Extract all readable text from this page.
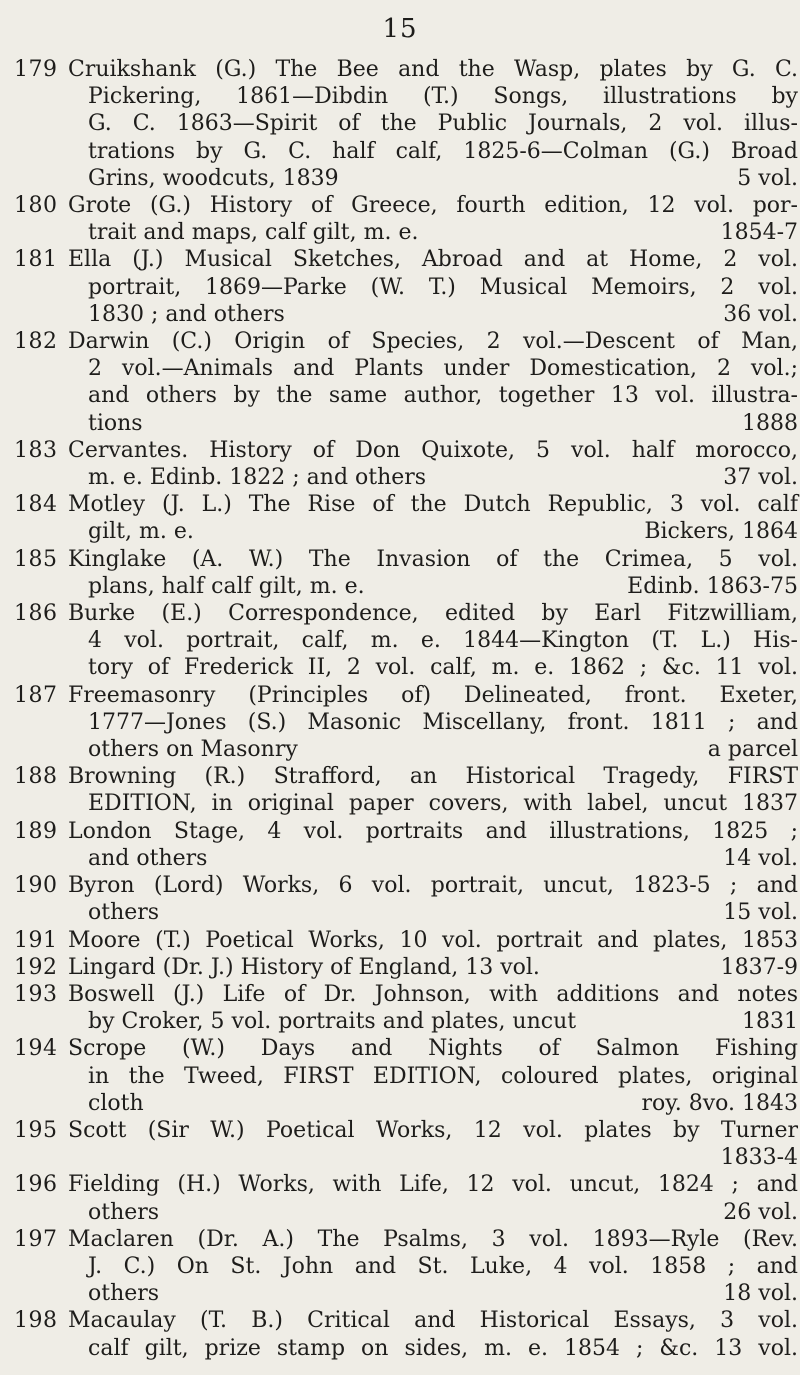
15
179 Cruikshank (G.) The Bee and the Wasp, plates by G. C.
Pickering, 1861—Dibdin (T.) Songs, illustrations by
G. C. 1863—Spirit of the Public Journals, 2 vol. illus-
trations by G. C. half calf, 1825-6—Colman (G.) Broad
Grins, woodcuts, 1839	5 vol.
180 Grote (G.) History of Greece, fourth edition, 12 vol. por-
trait and maps, calf gilt, m. e.	1854-7
181 Ella (J.) Musical Sketches, Abroad and at Home, 2 vol.
portrait, 1869—Parke (W. T.) Musical Memoirs, 2 vol.
1830 ; and others	36 vol.
182 Darwin (C.) Origin of Species, 2 vol.—Descent of Man,
2 vol.—Animals and Plants under Domestication, 2 vol.;
and others by the same author, together 13 vol. illustra-
tions	1888
183 Cervantes. History of Don Quixote, 5 vol. half morocco,
m. e. Edinb. 1822 ; and others	37 vol.
184 Motley (J. L.) The Rise of the Dutch Republic, 3 vol. calf
gilt, m. e.	Bickers, 1864
185 Kinglake (A. W.) The Invasion of the Crimea, 5 vol.
plans, half calf gilt, m. e.	Edinb. 1863-75
186 Burke (E.) Correspondence, edited by Earl Fitzwilliam,
4 vol. portrait, calf, m. e. 1844—Kington (T. L.) His-
tory of Frederick II, 2 vol. calf, m. e. 1862 ; &c. 11 vol.
187 Freemasonry (Principles of) Delineated, front. Exeter,
1777—Jones (S.) Masonic Miscellany, front. 1811 ; and
others on Masonry	a parcel
188 Browning (R.) Strafford, an Historical Tragedy, FIRST
EDITION, in original paper covers, with label, uncut 1837
189 London Stage, 4 vol. portraits and illustrations, 1825 ;
and others	14 vol.
190 Byron (Lord) Works, 6 vol. portrait, uncut, 1823-5 ; and
others	15 vol.
191 Moore (T.) Poetical Works, 10 vol. portrait and plates, 1853
192 Lingard (Dr. J.) History of England, 13 vol.	1837-9
193 Boswell (J.) Life of Dr. Johnson, with additions and notes
by Croker, 5 vol. portraits and plates, uncut	1831
194 Scrope (W.) Days and Nights of Salmon Fishing
in the Tweed, FIRST EDITION, coloured plates, original
cloth	roy. 8vo. 1843
195 Scott (Sir W.) Poetical Works, 12 vol. plates by Turner
1833-4
196 Fielding (H.) Works, with Life, 12 vol. uncut, 1824 ; and
others	26 vol.
197 Maclaren (Dr. A.) The Psalms, 3 vol. 1893—Ryle (Rev.
J. C.) On St. John and St. Luke, 4 vol. 1858 ; and
others	18 vol.
198 Macaulay (T. B.) Critical and Historical Essays, 3 vol.
calf gilt, prize stamp on sides, m. e. 1854 ; &c. 13 vol.
